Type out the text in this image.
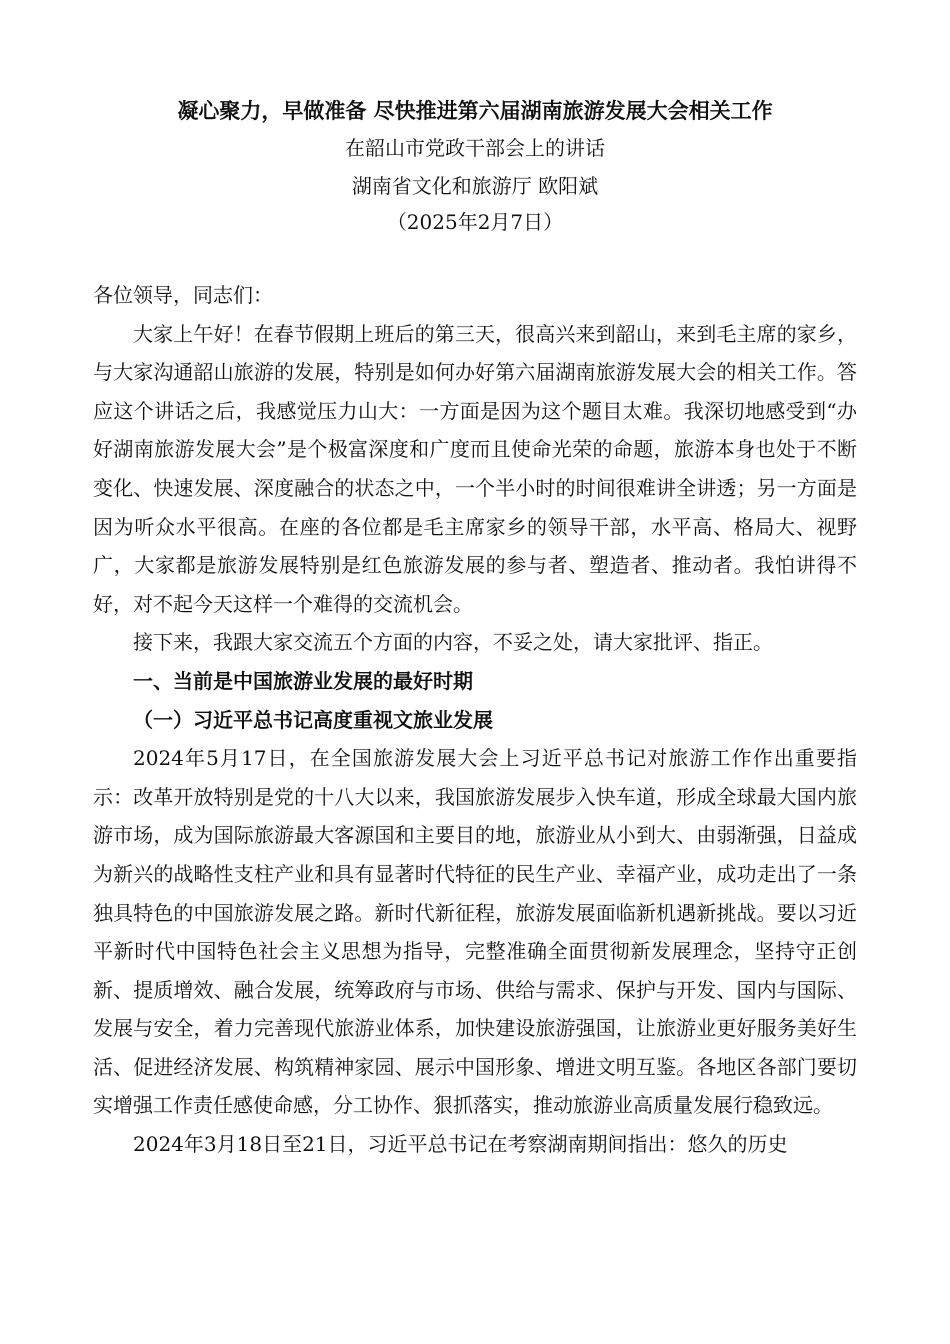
凝心聚力，早做准备 尽快推进第六届湖南旅游发展大会相关工作
在韶山市党政干部会上的讲话
湖南省文化和旅游厅 欧阳斌
（2025年2月7日）

各位领导，同志们：

大家上午好！在春节假期上班后的第三天，很高兴来到韶山，来到毛主席的家乡，与大家沟通韶山旅游的发展，特别是如何办好第六届湖南旅游发展大会的相关工作。答应这个讲话之后，我感觉压力山大：一方面是因为这个题目太难。我深切地感受到“办好湖南旅游发展大会”是个极富深度和广度而且使命光荣的命题，旅游本身也处于不断变化、快速发展、深度融合的状态之中，一个半小时的时间很难讲全讲透；另一方面是因为听众水平很高。在座的各位都是毛主席家乡的领导干部，水平高、格局大、视野广，大家都是旅游发展特别是红色旅游发展的参与者、塑造者、推动者。我怕讲得不好，对不起今天这样一个难得的交流机会。

接下来，我跟大家交流五个方面的内容，不妥之处，请大家批评、指正。

一、当前是中国旅游业发展的最好时期

（一）习近平总书记高度重视文旅业发展

2024年5月17日，在全国旅游发展大会上习近平总书记对旅游工作作出重要指示：改革开放特别是党的十八大以来，我国旅游发展步入快车道，形成全球最大国内旅游市场，成为国际旅游最大客源国和主要目的地，旅游业从小到大、由弱渐强，日益成为新兴的战略性支柱产业和具有显著时代特征的民生产业、幸福产业，成功走出了一条独具特色的中国旅游发展之路。新时代新征程，旅游发展面临新机遇新挑战。要以习近平新时代中国特色社会主义思想为指导，完整准确全面贯彻新发展理念，坚持守正创新、提质增效、融合发展，统筹政府与市场、供给与需求、保护与开发、国内与国际、发展与安全，着力完善现代旅游业体系，加快建设旅游强国，让旅游业更好服务美好生活、促进经济发展、构筑精神家园、展示中国形象、增进文明互鉴。各地区各部门要切实增强工作责任感使命感，分工协作、狠抓落实，推动旅游业高质量发展行稳致远。

2024年3月18日至21日，习近平总书记在考察湖南期间指出：悠久的历史
